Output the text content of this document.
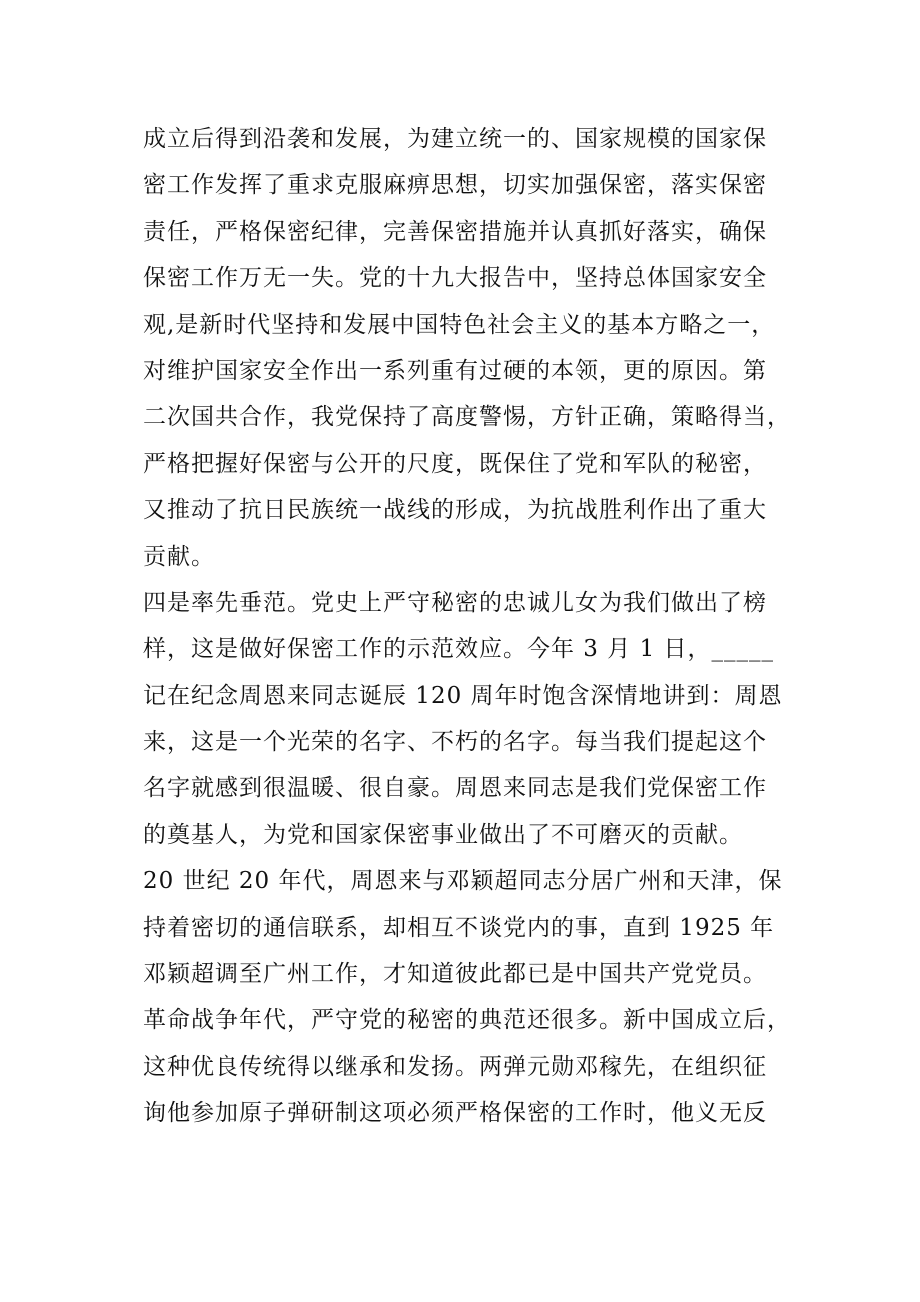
成立后得到沿袭和发展，为建立统一的、国家规模的国家保
密工作发挥了重求克服麻痹思想，切实加强保密，落实保密
责任，严格保密纪律，完善保密措施并认真抓好落实，确保
保密工作万无一失。党的十九大报告中，坚持总体国家安全
观,是新时代坚持和发展中国特色社会主义的基本方略之一，
对维护国家安全作出一系列重有过硬的本领，更的原因。第
二次国共合作，我党保持了高度警惕，方针正确，策略得当，
严格把握好保密与公开的尺度，既保住了党和军队的秘密，
又推动了抗日民族统一战线的形成，为抗战胜利作出了重大
贡献。
四是率先垂范。党史上严守秘密的忠诚儿女为我们做出了榜
样，这是做好保密工作的示范效应。今年 3 月 1 日，_____
记在纪念周恩来同志诞辰 120 周年时饱含深情地讲到：周恩
来，这是一个光荣的名字、不朽的名字。每当我们提起这个
名字就感到很温暖、很自豪。周恩来同志是我们党保密工作
的奠基人，为党和国家保密事业做出了不可磨灭的贡献。
20 世纪 20 年代，周恩来与邓颖超同志分居广州和天津，保
持着密切的通信联系，却相互不谈党内的事，直到 1925 年
邓颖超调至广州工作，才知道彼此都已是中国共产党党员。
革命战争年代，严守党的秘密的典范还很多。新中国成立后，
这种优良传统得以继承和发扬。两弹元勋邓稼先，在组织征
询他参加原子弹研制这项必须严格保密的工作时，他义无反
